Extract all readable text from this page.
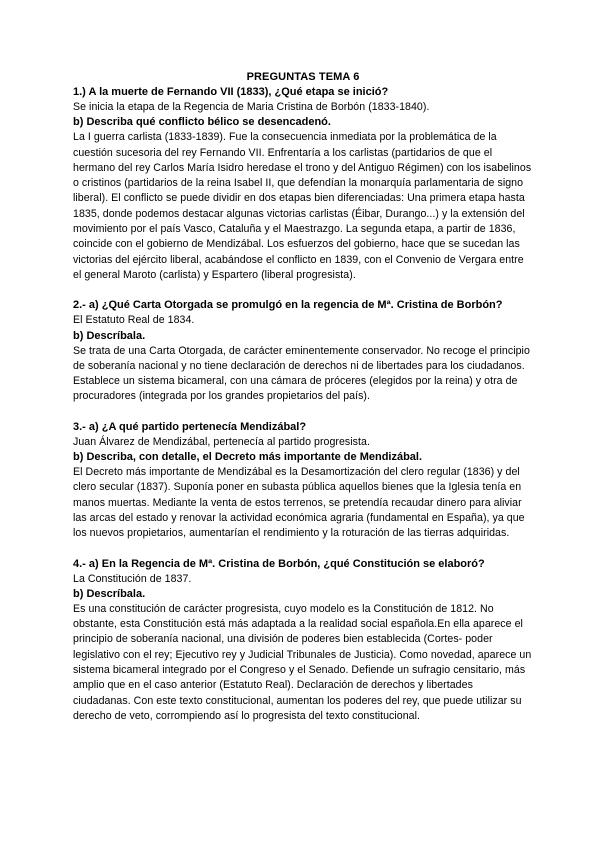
PREGUNTAS TEMA 6

1.) A la muerte de Fernando VII (1833), ¿Qué etapa se inició?

Se inicia la etapa de la Regencia de Maria Cristina de Borbón (1833-1840).

b) Describa qué conflicto bélico se desencadenó.

La I guerra carlista (1833-1839). Fue la consecuencia inmediata por la problemática de la cuestión sucesoria del rey Fernando VII. Enfrentaría a los carlistas (partidarios de que el hermano del rey Carlos María Isidro heredase el trono y del Antiguo Régimen) con los isabelinos o cristinos (partidarios de la reina Isabel II, que defendían la monarquía parlamentaria de signo liberal). El conflicto se puede dividir en dos etapas bien diferenciadas: Una primera etapa hasta 1835, donde podemos destacar algunas victorias carlistas (Éibar, Durango...) y la extensión del movimiento por el país Vasco, Cataluña y el Maestrazgo. La segunda etapa, a partir de 1836, coincide con el gobierno de Mendizábal. Los esfuerzos del gobierno, hace que se sucedan las victorias del ejército liberal, acabándose el conflicto en 1839, con el Convenio de Vergara entre el general Maroto (carlista) y Espartero (liberal progresista).

2.- a) ¿Qué Carta Otorgada se promulgó en la regencia de Mª. Cristina de Borbón?

El Estatuto Real de 1834.

b) Descríbala.

Se trata de una Carta Otorgada, de carácter eminentemente conservador. No recoge el principio de soberanía nacional y no tiene declaración de derechos ni de libertades para los ciudadanos. Establece un sistema bicameral, con una cámara de próceres (elegidos por la reina) y otra de procuradores (integrada por los grandes propietarios del país).

3.- a) ¿A qué partido pertenecía Mendizábal?

Juan Álvarez de Mendizábal, pertenecía al partido progresista.

b) Describa, con detalle, el Decreto más importante de Mendizábal.

El Decreto más importante de Mendizábal es la Desamortización del clero regular (1836) y del clero secular (1837). Suponía poner en subasta pública aquellos bienes que la Iglesia tenía en manos muertas. Mediante la venta de estos terrenos, se pretendía recaudar dinero para aliviar las arcas del estado y renovar la actividad económica agraria (fundamental en España), ya que los nuevos propietarios, aumentarían el rendimiento y la roturación de las tierras adquiridas.

4.- a) En la Regencia de Mª. Cristina de Borbón, ¿qué Constitución se elaboró?

La Constitución de 1837.

b) Descríbala.

Es una constitución de carácter progresista, cuyo modelo es la Constitución de 1812. No obstante, esta Constitución está más adaptada a la realidad social española.En ella aparece el principio de soberanía nacional, una división de poderes bien establecida (Cortes- poder legislativo con el rey; Ejecutivo rey y Judicial Tribunales de Justicia). Como novedad, aparece un sistema bicameral integrado por el Congreso y el Senado. Defiende un sufragio censitario, más amplio que en el caso anterior (Estatuto Real). Declaración de derechos y libertades ciudadanas. Con este texto constitucional, aumentan los poderes del rey, que puede utilizar su derecho de veto, corrompiendo así lo progresista del texto constitucional.
